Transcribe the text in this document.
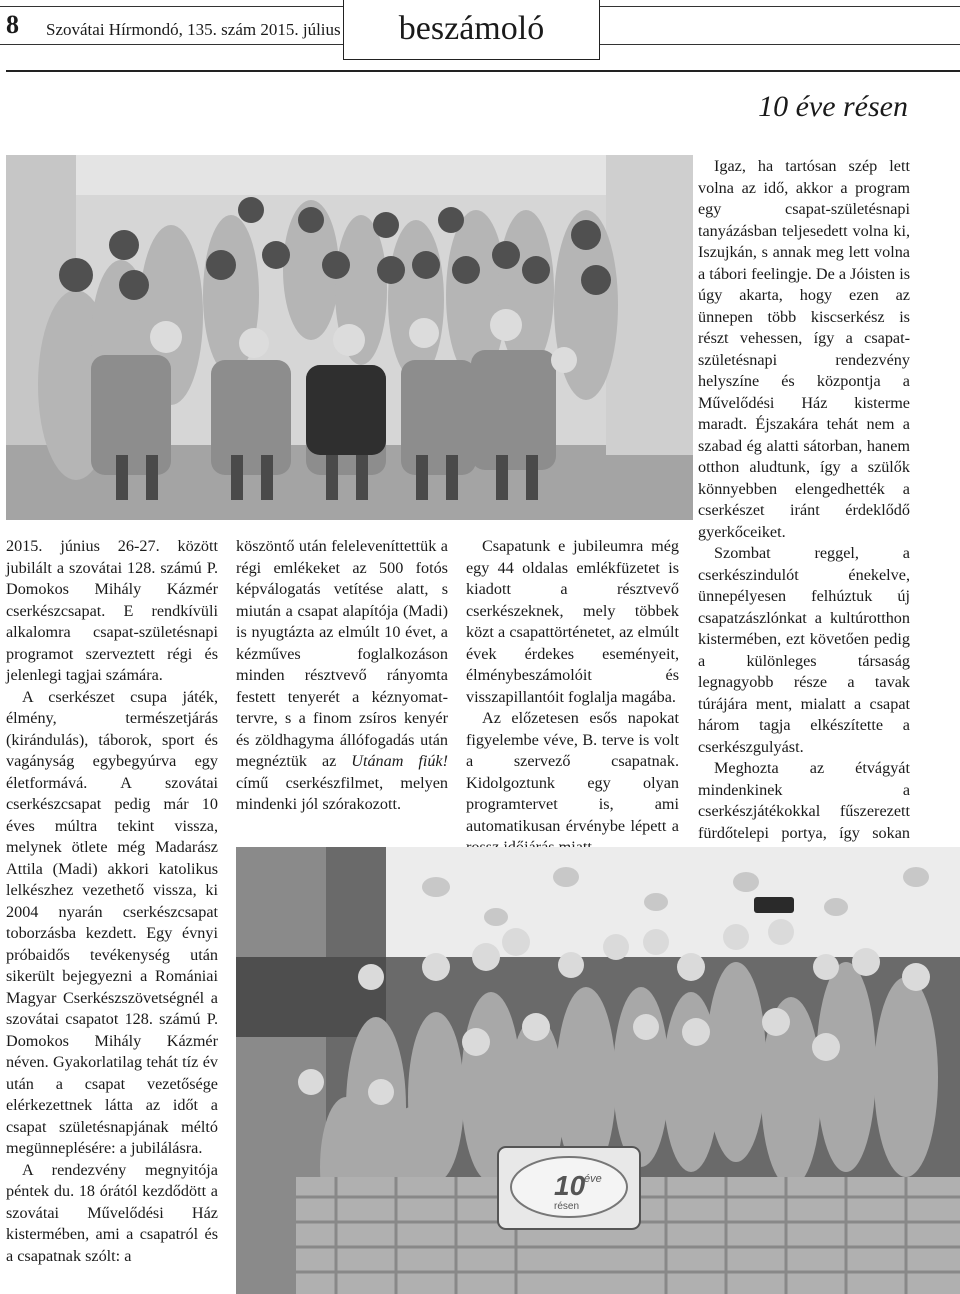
8 Szovátai Hírmondó, 135. szám 2015. július	beszámoló
10 éve résen

2015. június 26-27. között jubilált a szovátai 128. számú P. Domokos Mihály Kázmér cserkészcsapat. E rendkívüli alkalomra csapat-születésnapi programot szerveztett régi és jelenlegi tagjai számára.

A cserkészet csupa játék, élmény, természetjárás (kirándulás), táborok, sport és vagányság egybegyúrva egy életformává. A szovátai cserkészcsapat pedig már 10 éves múltra tekint vissza, melynek ötlete még Madarász Attila (Madi) akkori katolikus lelkészhez vezethető vissza, ki 2004 nyarán cserkészcsapat toborzásba kezdett. Egy évnyi próbaidős tevékenység után sikerült bejegyezni a Romániai Magyar Cserkészszövetségnél a szovátai csapatot 128. számú P. Domokos Mihály Kázmér néven. Gyakorlatilag tehát tíz év után a csapat vezetősége elérkezettnek látta az időt a csapat születésnapjának méltó megünneplésére: a jubilálásra.

A rendezvény megnyitója péntek du. 18 órától kezdődött a szovátai Művelődési Ház kistermében, ami a csapatról és a csapatnak szólt: a

köszöntő után feleleveníttettük a régi emlékeket az 500 fotós képválogatás vetítése alatt, s miután a csapat alapítója (Madi) is nyugtázta az elmúlt 10 évet, a kézműves foglalkozáson minden résztvevő rányomta festett tenyerét a kéznyomat-tervre, s a finom zsíros kenyér és zöldhagyma állófogadás után megnéztük az Utánam fiúk! című cserkészfilmet, melyen mindenki jól szórakozott.

Csapatunk e jubileumra még egy 44 oldalas emlékfüzetet is kiadott a résztvevő cserkészeknek, mely többek közt a csapattörténetet, az elmúlt évek érdekes eseményeit, élménybeszámolóit és visszapillantóit foglalja magába.

Az előzetesen esős napokat figyelembe véve, B. terve is volt a szervező csapatnak. Kidolgoztunk egy olyan programtervet is, ami automatikusan érvénybe lépett a

Igaz, ha tartósan szép lett volna az idő, akkor a program egy csapat-születésnapi tanyázásban teljesedett volna ki, Iszujkán, s annak meg lett volna a tábori feelingje. De a Jóisten is úgy akarta, hogy ezen az ünnepen több kiscserkész is részt vehessen, így a csapat-születésnapi rendezvény helyszíne és központja a Művelődési Ház kisterme maradt. Éjszakára tehát nem a szabad ég alatti sátorban, hanem otthon aludtunk, így a szülők könnyebben elengedhették a cserkészet iránt érdeklődő gyerkőceiket.

Szombat reggel, a cserkészindulót énekelve, ünnepélyesen felhúztuk új csapatzászlónkat a kultúrotthon kistermében, ezt követően pedig a különleges társaság legnagyobb része a tavak túrájára ment, mialatt a csapat három tagja elkészítette a cserkészgulyást.

Meghozta az étvágyát mindenkinek a cserkészjátékokkal fűszerezett fürdőtelepi portya, így sokan

10
éve
résen
